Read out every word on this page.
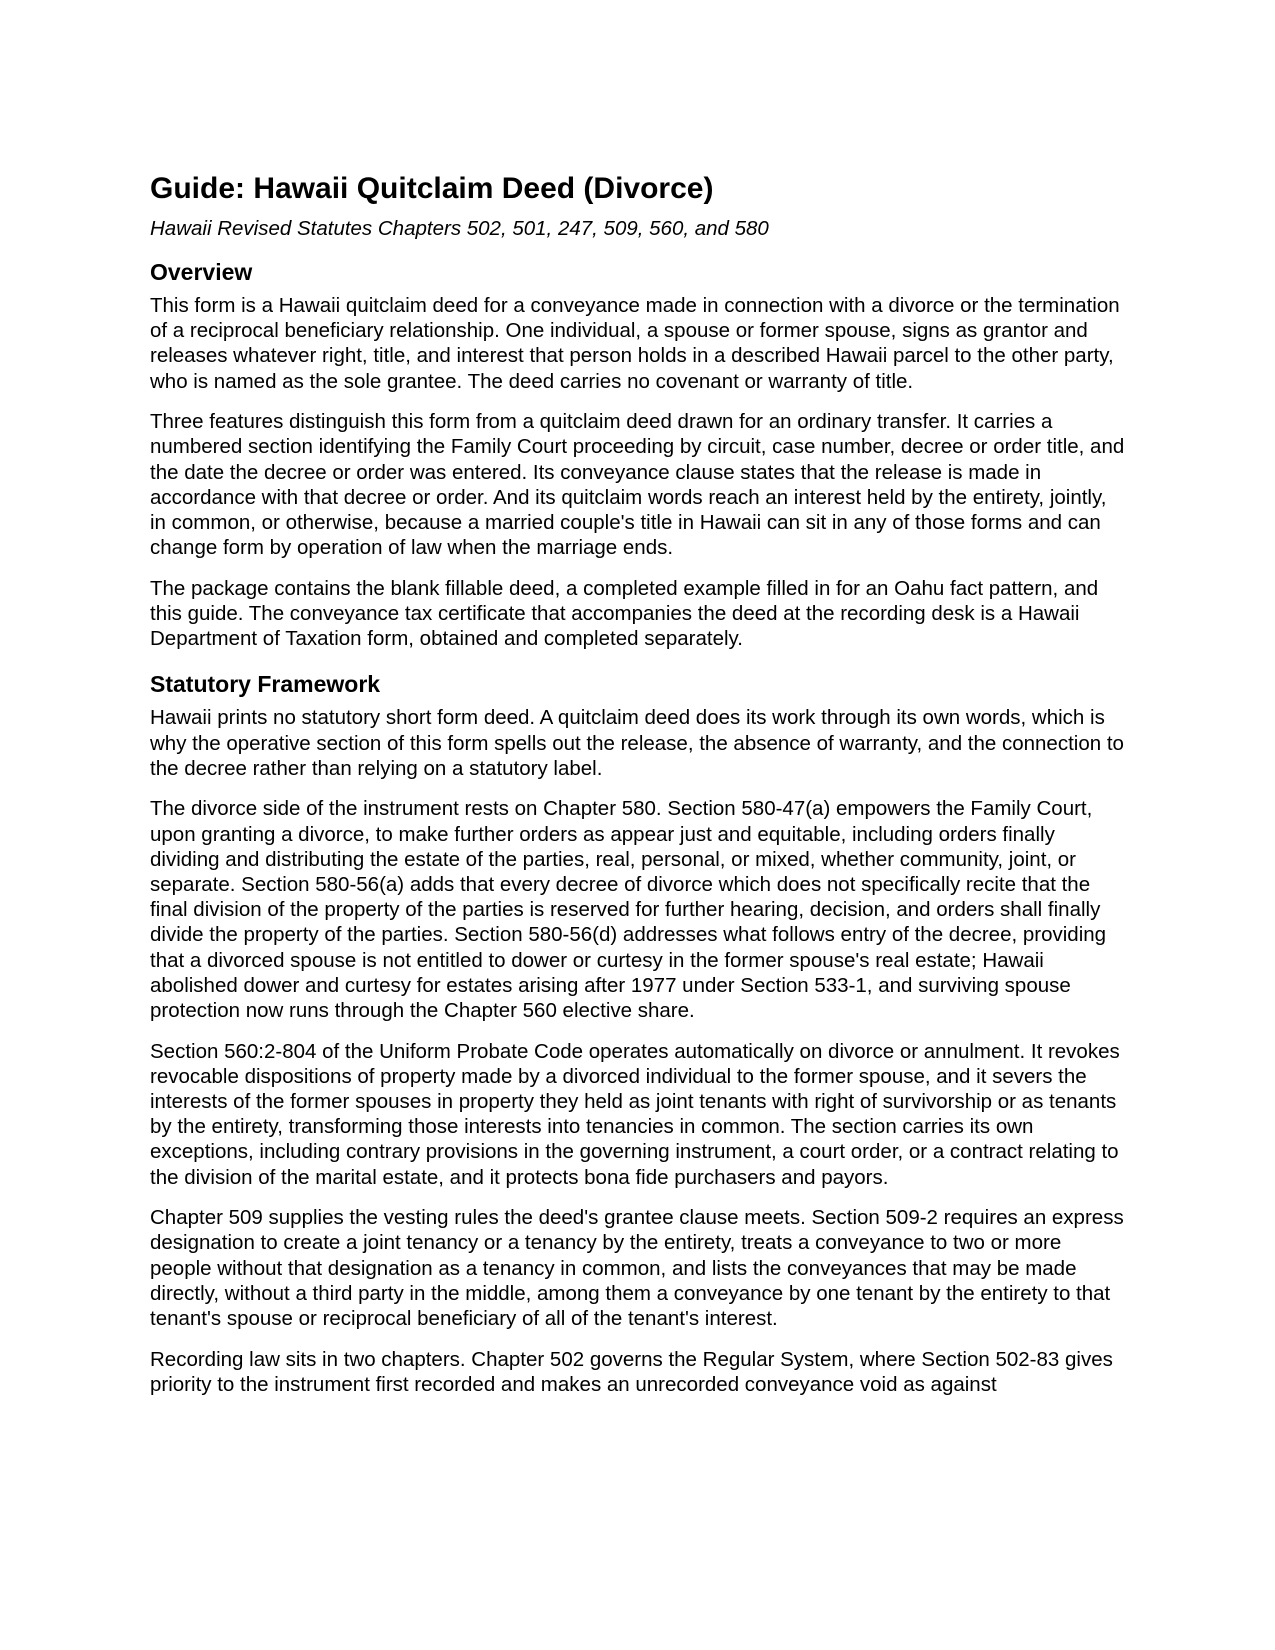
Guide: Hawaii Quitclaim Deed (Divorce)

Hawaii Revised Statutes Chapters 502, 501, 247, 509, 560, and 580

Overview

This form is a Hawaii quitclaim deed for a conveyance made in connection with a divorce or the termination of a reciprocal beneficiary relationship. One individual, a spouse or former spouse, signs as grantor and releases whatever right, title, and interest that person holds in a described Hawaii parcel to the other party, who is named as the sole grantee. The deed carries no covenant or warranty of title.

Three features distinguish this form from a quitclaim deed drawn for an ordinary transfer. It carries a numbered section identifying the Family Court proceeding by circuit, case number, decree or order title, and the date the decree or order was entered. Its conveyance clause states that the release is made in accordance with that decree or order. And its quitclaim words reach an interest held by the entirety, jointly, in common, or otherwise, because a married couple's title in Hawaii can sit in any of those forms and can change form by operation of law when the marriage ends.

The package contains the blank fillable deed, a completed example filled in for an Oahu fact pattern, and this guide. The conveyance tax certificate that accompanies the deed at the recording desk is a Hawaii Department of Taxation form, obtained and completed separately.

Statutory Framework

Hawaii prints no statutory short form deed. A quitclaim deed does its work through its own words, which is why the operative section of this form spells out the release, the absence of warranty, and the connection to the decree rather than relying on a statutory label.

The divorce side of the instrument rests on Chapter 580. Section 580-47(a) empowers the Family Court, upon granting a divorce, to make further orders as appear just and equitable, including orders finally dividing and distributing the estate of the parties, real, personal, or mixed, whether community, joint, or separate. Section 580-56(a) adds that every decree of divorce which does not specifically recite that the final division of the property of the parties is reserved for further hearing, decision, and orders shall finally divide the property of the parties. Section 580-56(d) addresses what follows entry of the decree, providing that a divorced spouse is not entitled to dower or curtesy in the former spouse's real estate; Hawaii abolished dower and curtesy for estates arising after 1977 under Section 533-1, and surviving spouse protection now runs through the Chapter 560 elective share.

Section 560:2-804 of the Uniform Probate Code operates automatically on divorce or annulment. It revokes revocable dispositions of property made by a divorced individual to the former spouse, and it severs the interests of the former spouses in property they held as joint tenants with right of survivorship or as tenants by the entirety, transforming those interests into tenancies in common. The section carries its own exceptions, including contrary provisions in the governing instrument, a court order, or a contract relating to the division of the marital estate, and it protects bona fide purchasers and payors.

Chapter 509 supplies the vesting rules the deed's grantee clause meets. Section 509-2 requires an express designation to create a joint tenancy or a tenancy by the entirety, treats a conveyance to two or more people without that designation as a tenancy in common, and lists the conveyances that may be made directly, without a third party in the middle, among them a conveyance by one tenant by the entirety to that tenant's spouse or reciprocal beneficiary of all of the tenant's interest.

Recording law sits in two chapters. Chapter 502 governs the Regular System, where Section 502-83 gives priority to the instrument first recorded and makes an unrecorded conveyance void as against
